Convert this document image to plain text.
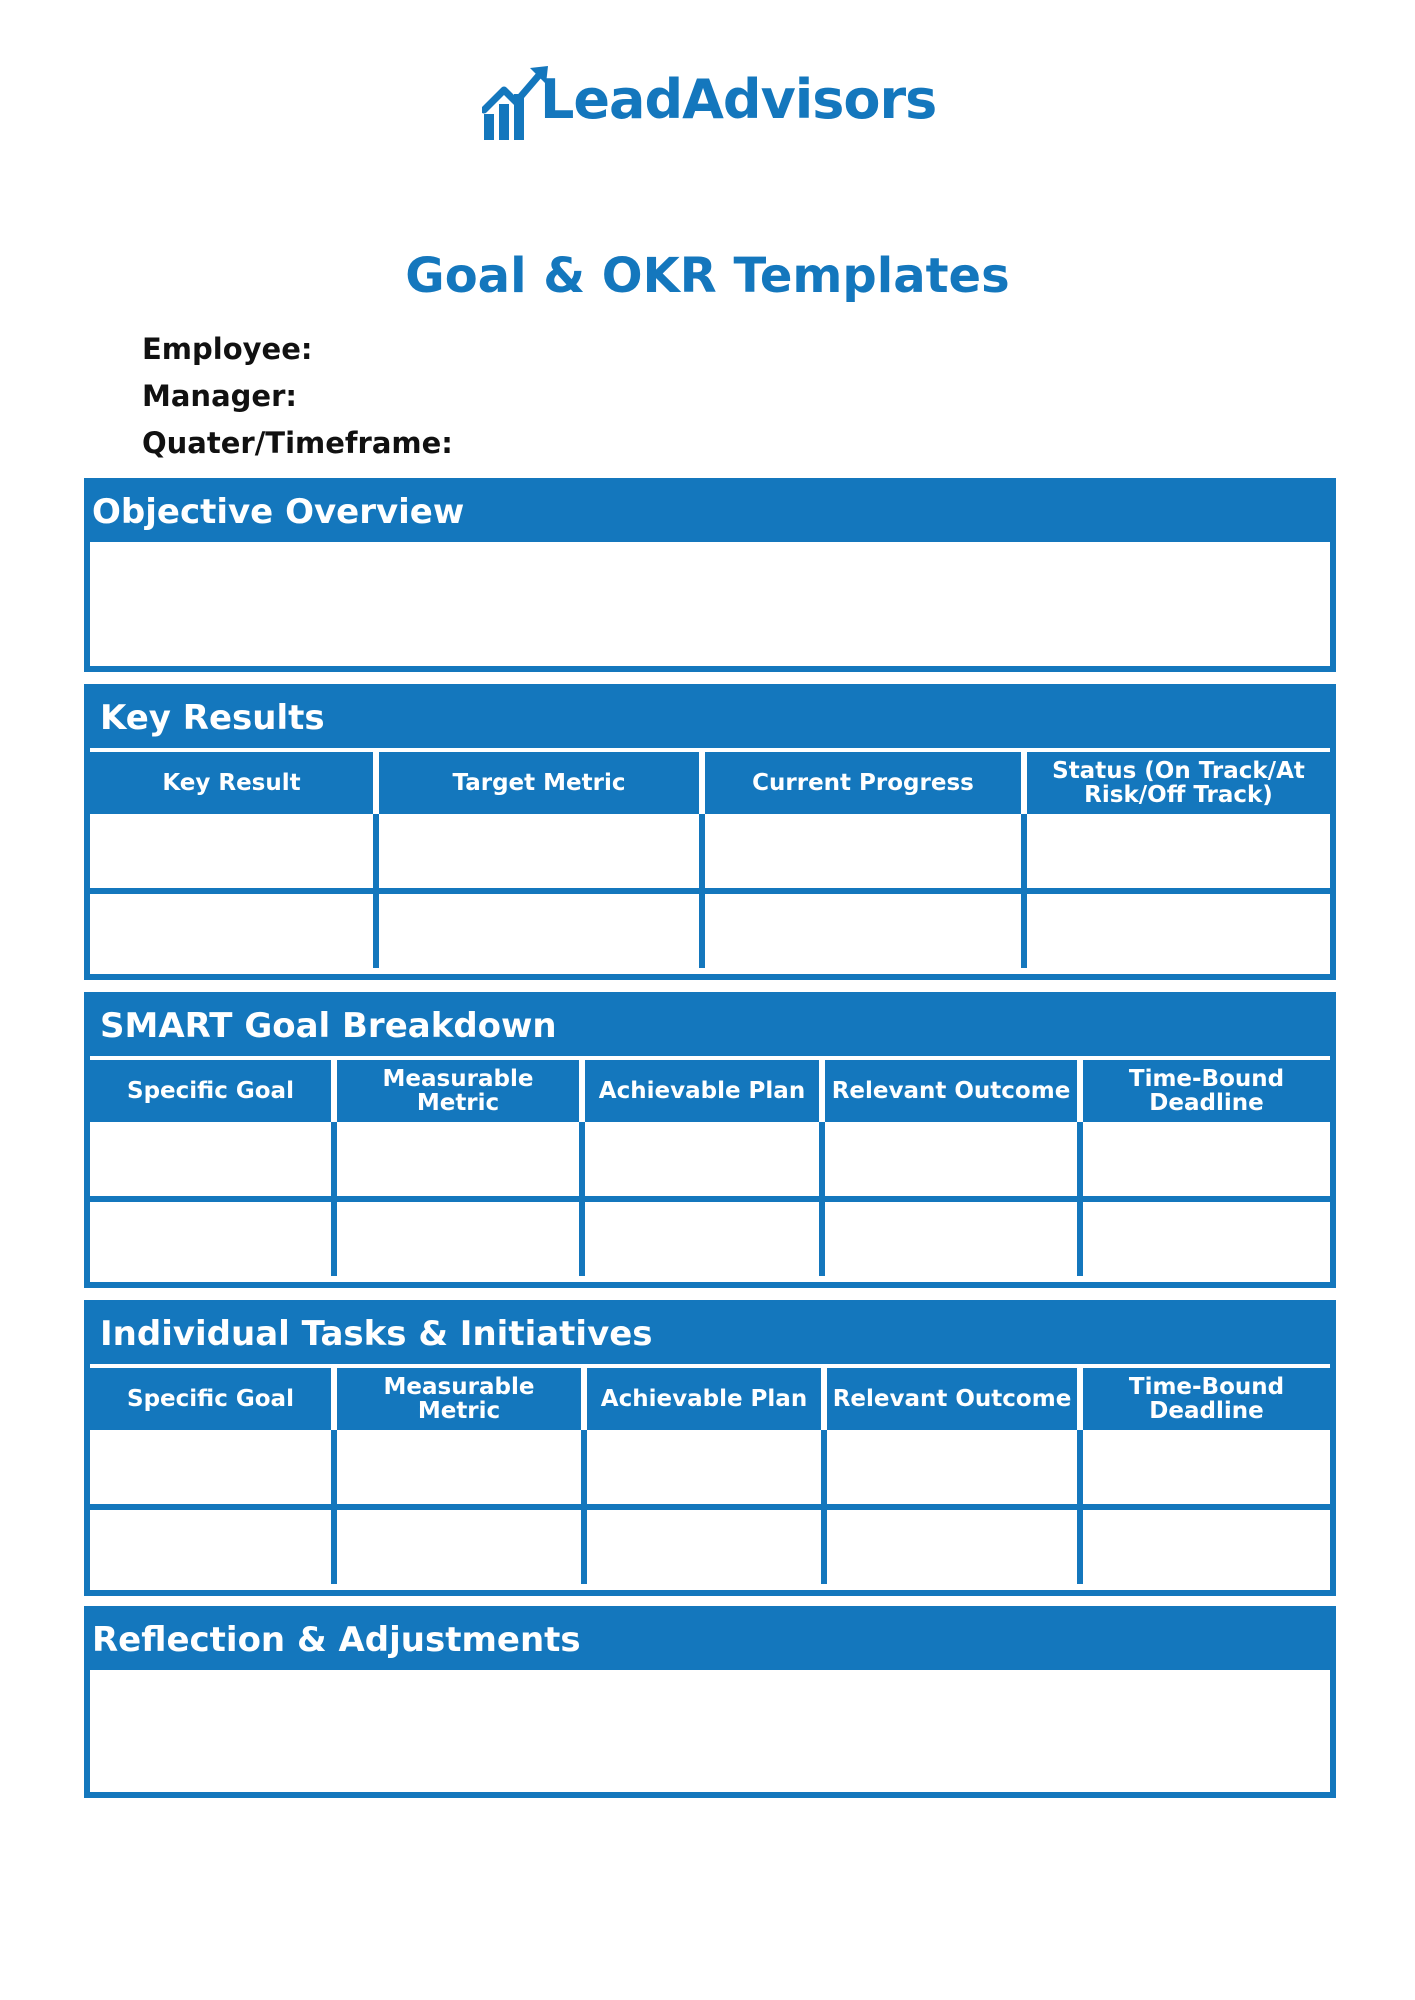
LeadAdvisors
Goal & OKR Templates
Employee:
Manager:
Quater/Timeframe:
Objective Overview
Key Results
Key Result	Target Metric	Current Progress	Status (On Track/At Risk/Off Track)

SMART Goal Breakdown
Specific Goal	Measurable Metric	Achievable Plan	Relevant Outcome	Time-Bound Deadline

Individual Tasks & Initiatives
Specific Goal	Measurable Metric	Achievable Plan	Relevant Outcome	Time-Bound Deadline

Reflection & Adjustments
